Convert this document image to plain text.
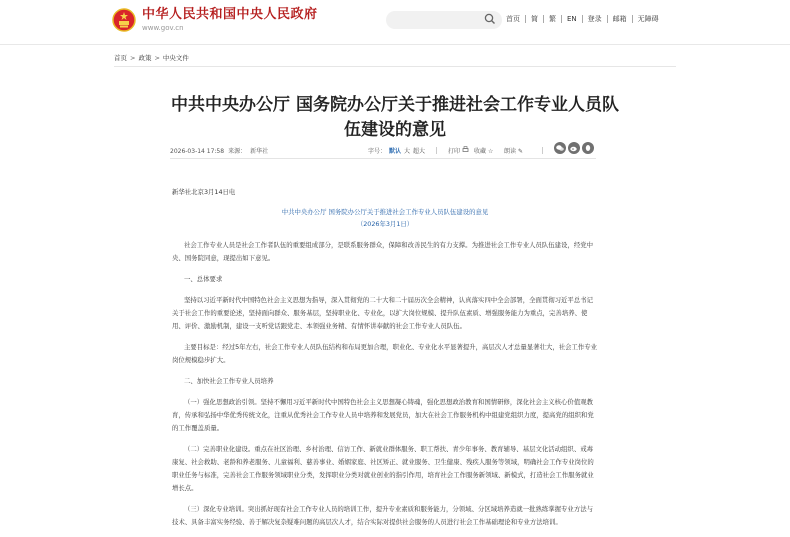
中华人民共和国中央人民政府
www.gov.cn
首页	简	繁	EN	登录	邮箱	无障碍
首页 > 政策 > 中央文件
中共中央办公厅 国务院办公厅关于推进社会工作专业人员队伍建设的意见
2026-03-14 17:58 来源： 新华社	字号： 默认 大 超大	打印	收藏 ☆ 朗读 ✎

新华社北京3月14日电

中共中央办公厅 国务院办公厅关于推进社会工作专业人员队伍建设的意见

（2026年3月1日）

社会工作专业人员是社会工作者队伍的重要组成部分，是联系服务群众，保障和改善民生的有力支撑。为推进社会工作专业人员队伍建设，经党中央、国务院同意，现提出如下意见。

一、总体要求

坚持以习近平新时代中国特色社会主义思想为指导，深入贯彻党的二十大和二十届历次全会精神，认真落实四中全会部署，全面贯彻习近平总书记关于社会工作的重要论述，坚持面向群众、服务基层，坚持职业化、专业化，以扩大岗位规模、提升队伍素质、增强服务能力为重点，完善培养、使用、评价、激励机制，建设一支听党话跟党走、本领强业务精、有情怀讲奉献的社会工作专业人员队伍。

主要目标是：经过5年左右，社会工作专业人员队伍结构和布局更加合理，职业化、专业化水平显著提升，高层次人才总量显著壮大，社会工作专业岗位规模稳步扩大。

二、加快社会工作专业人员培养

（一）强化思想政治引领。坚持不懈用习近平新时代中国特色社会主义思想凝心铸魂，强化思想政治教育和国情研修，深化社会主义核心价值观教育，传承和弘扬中华优秀传统文化，注重从优秀社会工作专业人员中培养和发展党员，加大在社会工作服务机构中组建党组织力度，提高党的组织和党的工作覆盖质量。

（二）完善职业化建设。重点在社区治理、乡村治理、信访工作、新就业群体服务、职工帮扶、青少年事务、教育辅导、基层文化活动组织、戒毒康复、社会救助、老龄和养老服务、儿童福利、慈善事业、婚姻家庭、社区矫正、就业服务、卫生健康、残疾人服务等领域，明确社会工作专业岗位的职业任务与标准，完善社会工作服务领域职业分类，发挥职业分类对就业创业的指引作用，培育社会工作服务新领域、新模式，打造社会工作服务就业增长点。

（三）深化专业培训。突出抓好现有社会工作专业人员的培训工作，提升专业素质和服务能力，分领域、分区域培养造就一批熟练掌握专业方法与技术、具备丰富实务经验、善于解决复杂疑难问题的高层次人才，结合实际对提供社会服务的人员进行社会工作基础理论和专业方法培训。
